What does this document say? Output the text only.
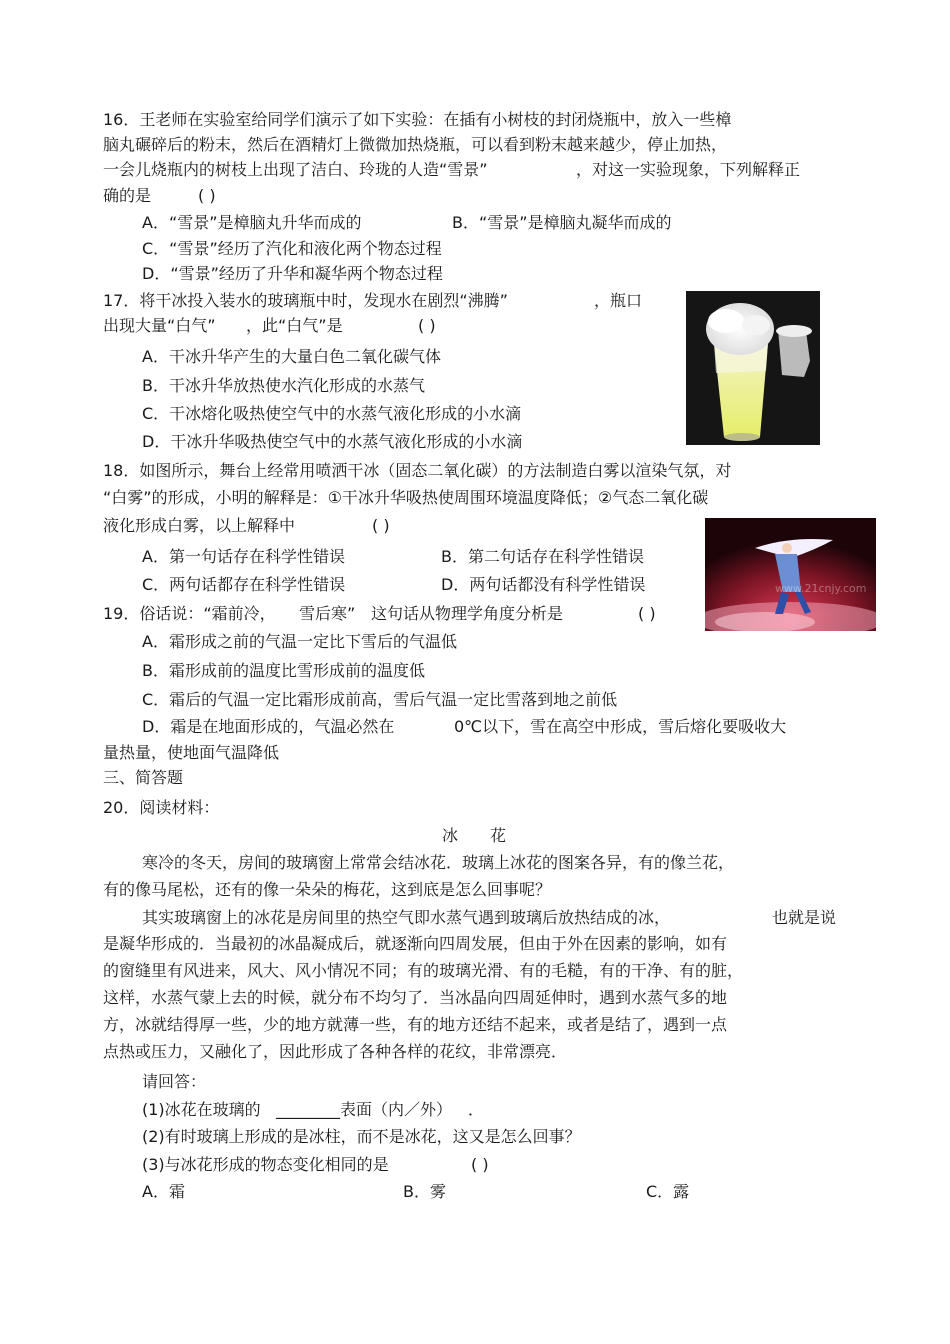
16．王老师在实验室给同学们演示了如下实验：在插有小树枝的封闭烧瓶中，放入一些樟
脑丸碾碎后的粉末，然后在酒精灯上微微加热烧瓶，可以看到粉末越来越少，停止加热，
一会儿烧瓶内的树枝上出现了洁白、玲珑的人造“雪景”	，对这一实验现象，下列解释正
确的是	( )
A．“雪景”是樟脑丸升华而成的	B．“雪景”是樟脑丸凝华而成的
C．“雪景”经历了汽化和液化两个物态过程
D．“雪景”经历了升华和凝华两个物态过程
17．将干冰投入装水的玻璃瓶中时，发现水在剧烈“沸腾”	，瓶口
出现大量“白气” ，此“白气”是	( )
A．干冰升华产生的大量白色二氧化碳气体
B．干冰升华放热使水汽化形成的水蒸气
C．干冰熔化吸热使空气中的水蒸气液化形成的小水滴
D．干冰升华吸热使空气中的水蒸气液化形成的小水滴
18．如图所示，舞台上经常用喷洒干冰（固态二氧化碳）的方法制造白雾以渲染气氛，对
“白雾”的形成，小明的解释是：①干冰升华吸热使周围环境温度降低；②气态二氧化碳
液化形成白雾，以上解释中	( )
A．第一句话存在科学性错误	B．第二句话存在科学性错误
C．两句话都存在科学性错误	D．两句话都没有科学性错误	www.21cnjy.com
19．俗话说：“霜前冷， 雪后寒” 这句话从物理学角度分析是	( )
A．霜形成之前的气温一定比下雪后的气温低
B．霜形成前的温度比雪形成前的温度低
C．霜后的气温一定比霜形成前高，雪后气温一定比雪落到地之前低
D．霜是在地面形成的，气温必然在	0℃以下，雪在高空中形成，雪后熔化要吸收大
量热量，使地面气温降低
三、简答题
20．阅读材料：
冰　　花
寒冷的冬天，房间的玻璃窗上常常会结冰花．玻璃上冰花的图案各异，有的像兰花，
有的像马尾松，还有的像一朵朵的梅花，这到底是怎么回事呢？
其实玻璃窗上的冰花是房间里的热空气即水蒸气遇到玻璃后放热结成的冰，	也就是说
是凝华形成的．当最初的冰晶凝成后，就逐渐向四周发展，但由于外在因素的影响，如有
的窗缝里有风进来，风大、风小情况不同；有的玻璃光滑、有的毛糙，有的干净、有的脏，
这样，水蒸气蒙上去的时候，就分布不均匀了．当冰晶向四周延伸时，遇到水蒸气多的地
方，冰就结得厚一些，少的地方就薄一些，有的地方还结不起来，或者是结了，遇到一点
点热或压力，又融化了，因此形成了各种各样的花纹，非常漂亮．
请回答：
(1)冰花在玻璃的 ________表面（内／外） ．
(2)有时玻璃上形成的是冰柱，而不是冰花，这又是怎么回事？
(3)与冰花形成的物态变化相同的是	( )
A．霜	B．雾	C．露
